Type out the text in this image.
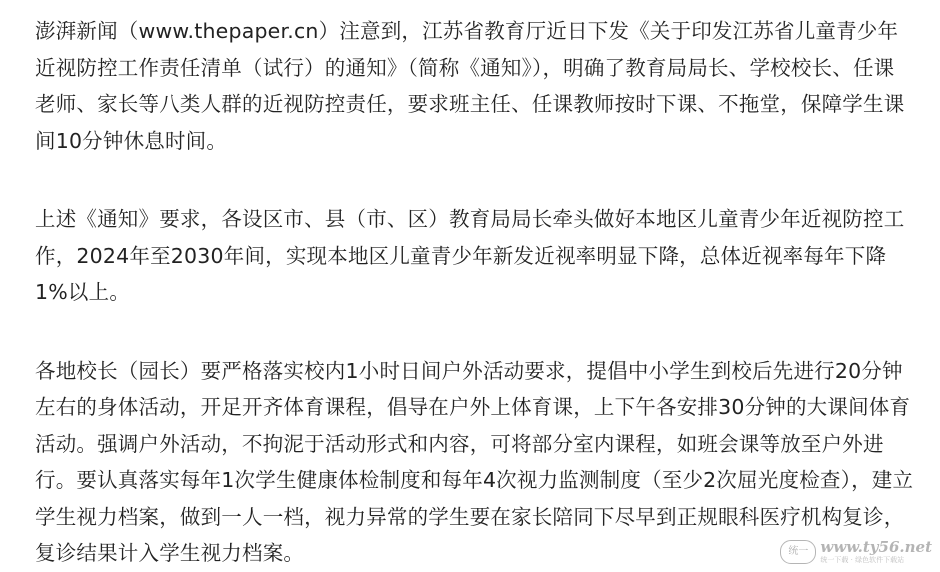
澎湃新闻（www.thepaper.cn）注意到，江苏省教育厅近日下发《关于印发江苏省儿童青少年近视防控工作责任清单（试行）的通知》（简称《通知》），明确了教育局局长、学校校长、任课老师、家长等八类人群的近视防控责任，要求班主任、任课教师按时下课、不拖堂，保障学生课间10分钟休息时间。

上述《通知》要求，各设区市、县（市、区）教育局局长牵头做好本地区儿童青少年近视防控工作，2024年至2030年间，实现本地区儿童青少年新发近视率明显下降，总体近视率每年下降1%以上。

各地校长（园长）要严格落实校内1小时日间户外活动要求，提倡中小学生到校后先进行20分钟左右的身体活动，开足开齐体育课程，倡导在户外上体育课，上下午各安排30分钟的大课间体育活动。强调户外活动，不拘泥于活动形式和内容，可将部分室内课程，如班会课等放至户外进行。要认真落实每年1次学生健康体检制度和每年4次视力监测制度（至少2次屈光度检查），建立学生视力档案，做到一人一档，视力异常的学生要在家长陪同下尽早到正规眼科医疗机构复诊，复诊结果计入学生视力档案。	统一 www.ty56.net
统一下载 · 绿色软件下载站
